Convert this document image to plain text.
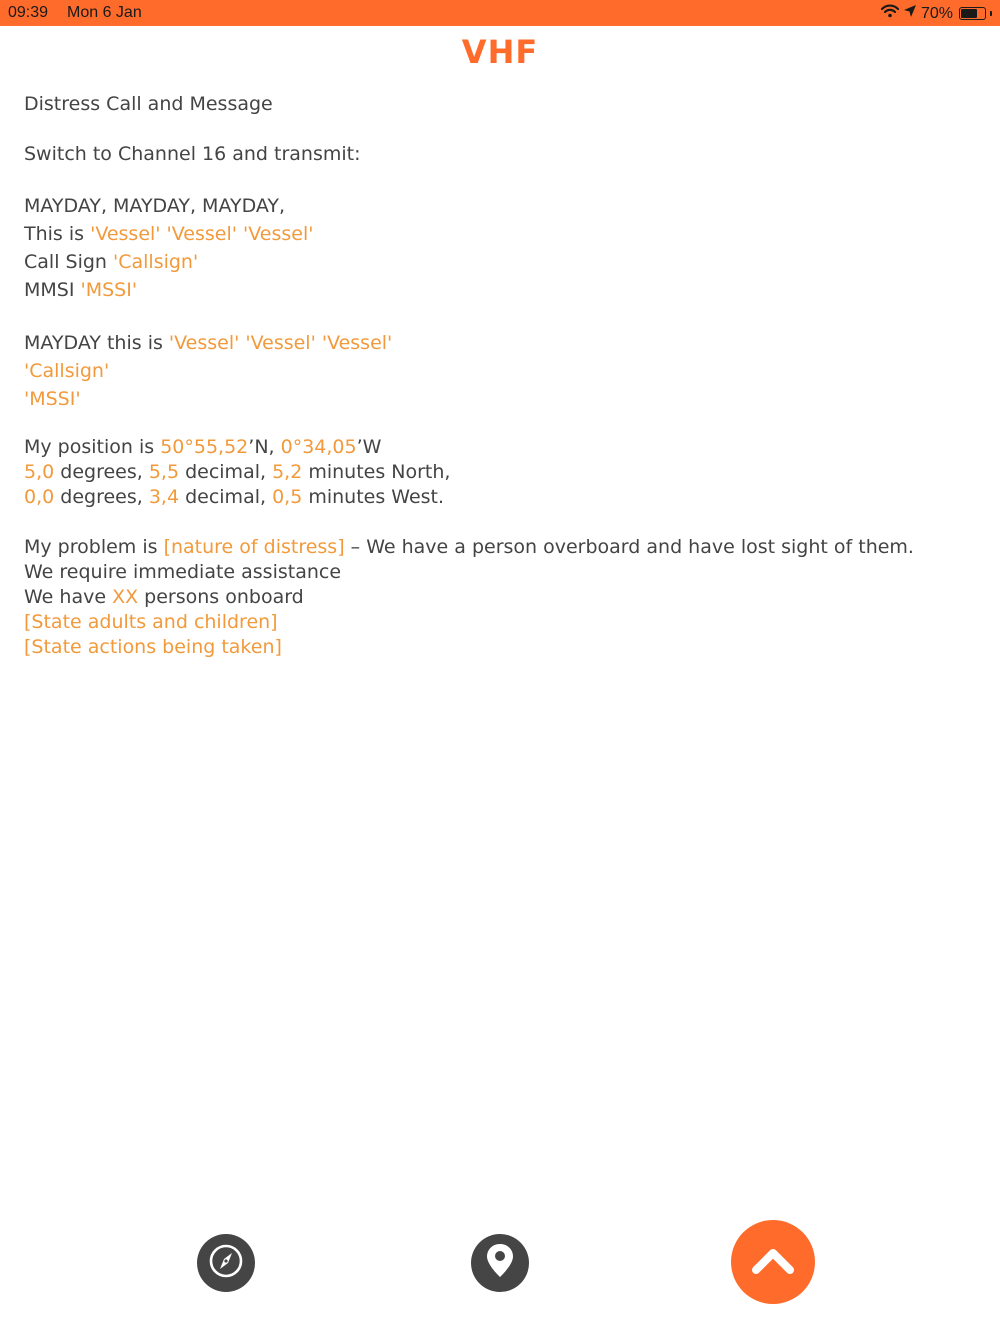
09:39 Mon 6 Jan	70%
VHF
Distress Call and Message
Switch to Channel 16 and transmit:
MAYDAY, MAYDAY, MAYDAY,
This is 'Vessel' 'Vessel' 'Vessel'
Call Sign 'Callsign'
MMSI 'MSSI'
MAYDAY this is 'Vessel' 'Vessel' 'Vessel'
'Callsign'
'MSSI'
My position is 50°55,52’N, 0°34,05’W
5,0 degrees, 5,5 decimal, 5,2 minutes North,
0,0 degrees, 3,4 decimal, 0,5 minutes West.
My problem is [nature of distress] – We have a person overboard and have lost sight of them.
We require immediate assistance
We have XX persons onboard
[State adults and children]
[State actions being taken]
